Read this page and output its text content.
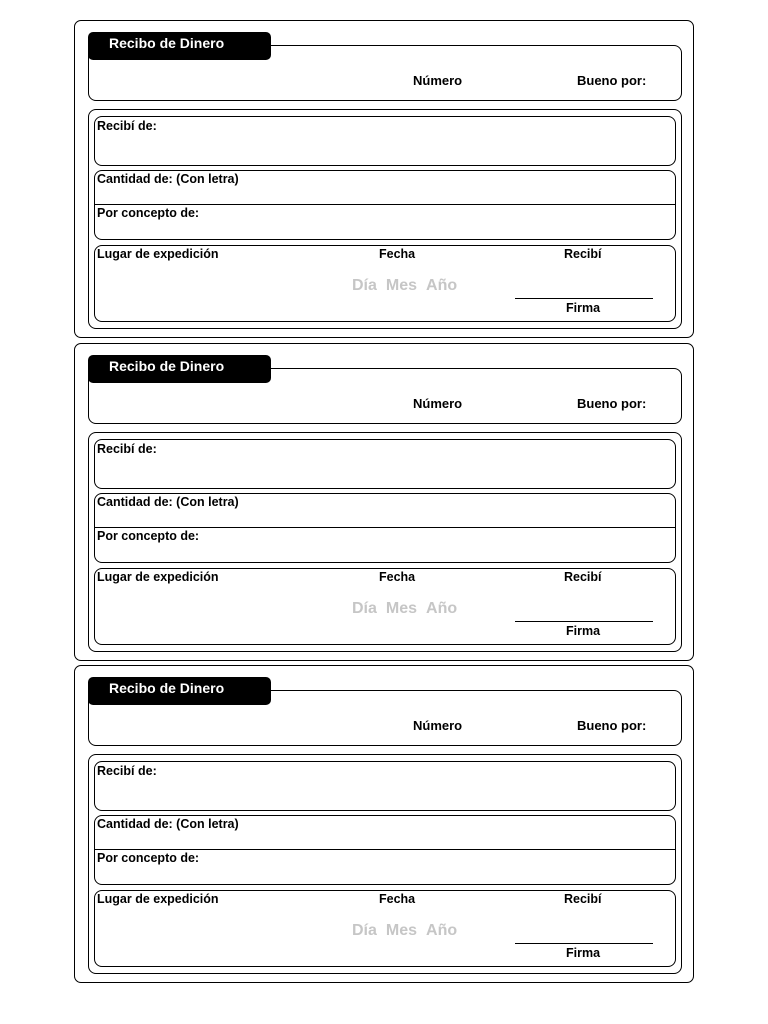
Número	Bueno por:
Recibo de Dinero
Recibí de:
Cantidad de: (Con letra)
Por concepto de:
Lugar de expedición	Fecha	Recibí
Día Mes Año
Firma
Número	Bueno por:
Recibo de Dinero
Recibí de:
Cantidad de: (Con letra)
Por concepto de:
Lugar de expedición	Fecha	Recibí
Día Mes Año
Firma
Número	Bueno por:
Recibo de Dinero
Recibí de:
Cantidad de: (Con letra)
Por concepto de:
Lugar de expedición	Fecha	Recibí
Día Mes Año
Firma
